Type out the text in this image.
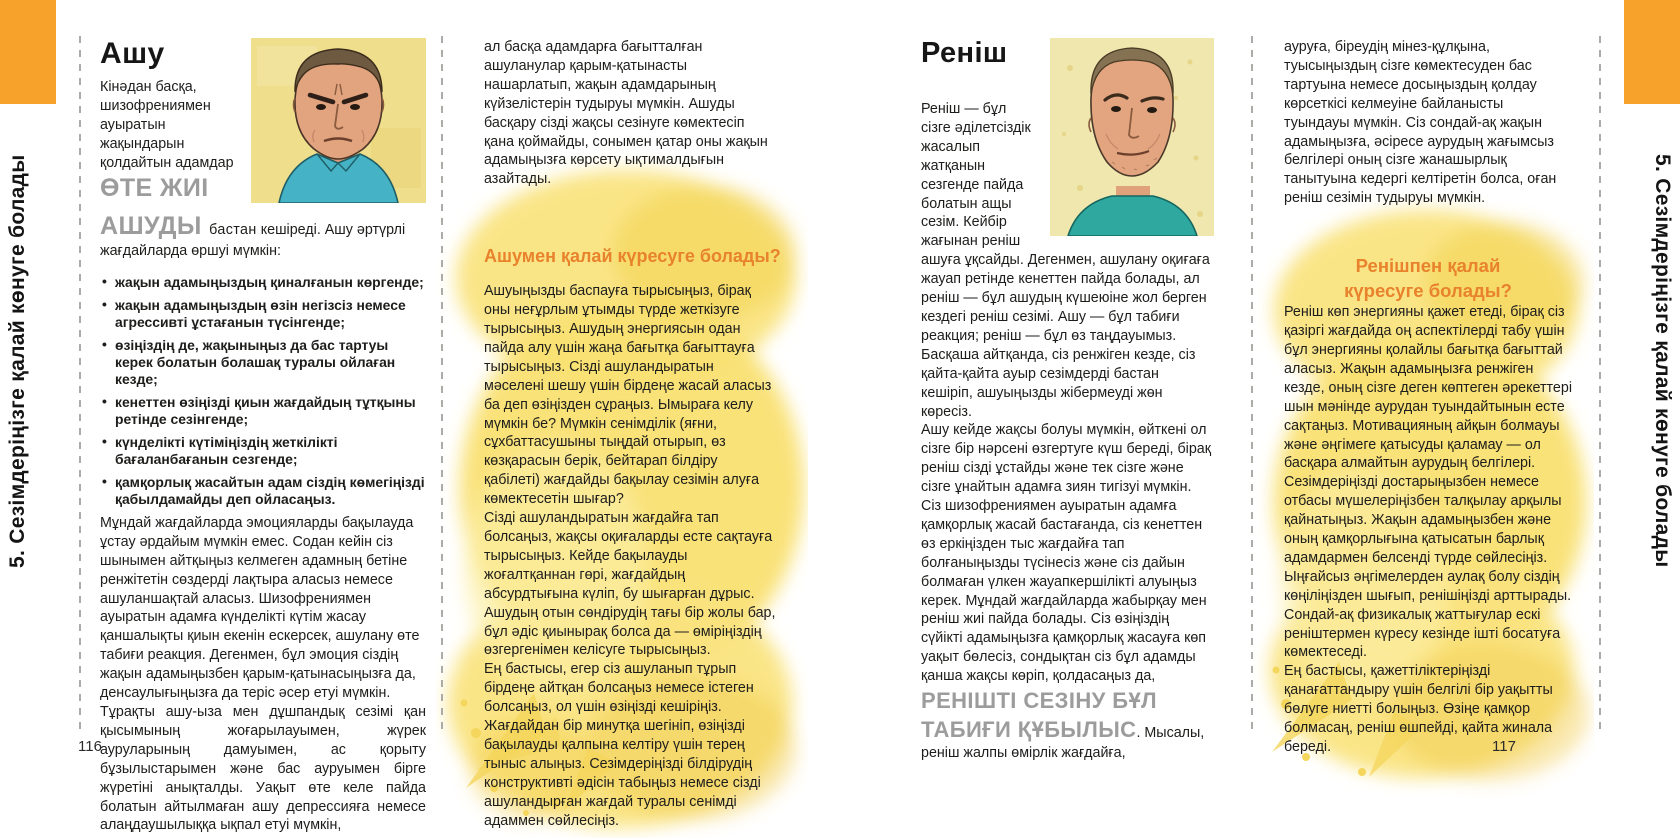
5. Сезімдеріңізге қалай көнуге болады	5. Сезімдеріңізге қалай көнуге болады
Ашу

Кінәдан басқа, шизофрениямен ауыратын жақындарын қолдайтын адамдар ӨТЕ ЖИІ АШУДЫ бастан кешіреді. Ашу әртүрлі жағдайларда өршуі мүмкін:

• жақын адамыңыздың қиналғанын көргенде;
• жақын адамыңыздың өзін негізсіз немесе агрессивті ұстағанын түсінгенде;
• өзіңіздің де, жақыныңыз да бас тартуы керек болатын болашақ туралы ойлаған кезде;
• кенеттен өзіңізді қиын жағдайдың тұтқыны ретінде сезінгенде;
• күнделікті күтіміңіздің жеткілікті бағаланбағанын сезгенде;
• қамқорлық жасайтын адам сіздің көмегіңізді қабылдамайды деп ойласаңыз.

Мұндай жағдайларда эмоцияларды бақылауда ұстау әрдайым мүмкін емес. Содан кейін сіз шынымен айтқыңыз келмеген адамның бетіне ренжітетін сөздерді лақтыра аласыз немесе ашуланшақтай аласыз. Шизофрениямен ауыратын адамға күнделікті күтім жасау қаншалықты қиын екенін ескерсек, ашулану өте табиғи реакция. Дегенмен, бұл эмоция сіздің жақын адамыңызбен қарым-қатынасыңызға да, денсаулығыңызға да теріс әсер етуі мүмкін.

Тұрақты ашу-ыза мен дұшпандық сезімі қан қысымының жоғарылауымен, жүрек ауруларының дамуымен, ас қорыту бұзылыстарымен және бас ауруымен бірге жүретіні анықталды. Уақыт өте келе пайда болатын айтылмаған ашу депрессияға немесе алаңдаушылыққа ықпал етуі мүмкін,

ал басқа адамдарға бағытталған ашуланулар қарым-қатынасты нашарлатып, жақын адамдарының күйзелістерін тудыруы мүмкін. Ашуды басқару сізді жақсы сезінуге көмектесіп қана қоймайды, сонымен қатар оны жақын адамыңызға көрсету ықтималдығын азайтады.

Ашумен қалай күресуге болады?

Ашуыңызды баспауға тырысыңыз, бірақ оны неғұрлым ұтымды түрде жеткізуге тырысыңыз. Ашудың энергиясын одан пайда алу үшін жаңа бағытқа бағыттауға тырысыңыз. Сізді ашуландыратын мәселені шешу үшін бірдеңе жасай аласыз ба деп өзіңізден сұраңыз. Ымыраға келу мүмкін бе? Мүмкін сенімділік (яғни, сұхбаттасушыны тыңдай отырып, өз көзқарасын берік, бейтарап білдіру қабілеті) жағдайды бақылау сезімін алуға көмектесетін шығар?

Сізді ашуландыратын жағдайға тап болсаңыз, жақсы оқиғаларды есте сақтауға тырысыңыз. Кейде бақылауды жоғалтқаннан гөрі, жағдайдың абсурдтығына күліп, бу шығарған дұрыс. Ашудың отын сөндірудің тағы бір жолы бар, бұл әдіс қиынырақ болса да — өміріңіздің өзгергенімен келісуге тырысыңыз.

Ең бастысы, егер сіз ашуланып тұрып бірдеңе айтқан болсаңыз немесе істеген болсаңыз, ол үшін өзіңізді кешіріңіз. Жағдайдан бір минутқа шегініп, өзіңізді бақылауды қалпына келтіру үшін терең тыныс алыңыз. Сезімдеріңізді білдірудің конструктивті әдісін табыңыз немесе сізді ашуландырған жағдай туралы сенімді адаммен сөйлесіңіз.

Реніш

Реніш — бұл сізге әділетсіздік жасалып жатқанын сезгенде пайда болатын ащы сезім. Кейбір жағынан реніш ашуға ұқсайды. Дегенмен, ашулану оқиғаға жауап ретінде кенеттен пайда болады, ал реніш — бұл ашудың күшеюіне жол берген кездегі реніш сезімі. Ашу — бұл табиғи реакция; реніш — бұл өз таңдауымыз. Басқаша айтқанда, сіз ренжіген кезде, сіз қайта-қайта ауыр сезімдерді бастан кешіріп, ашуыңызды жібермеуді жөн көресіз.

Ашу кейде жақсы болуы мүмкін, өйткені ол сізге бір нәрсені өзгертуге күш береді, бірақ реніш сізді ұстайды және тек сізге және сізге ұнайтын адамға зиян тигізуі мүмкін.

Сіз шизофрениямен ауыратын адамға қамқорлық жасай бастағанда, сіз кенеттен өз еркіңізден тыс жағдайға тап болғаныңызды түсінесіз және сіз дайын болмаған үлкен жауапкершілікті алуыңыз керек. Мұндай жағдайларда жабырқау мен реніш жиі пайда болады. Сіз өзіңіздің сүйікті адамыңызға қамқорлық жасауға көп уақыт бөлесіз, сондықтан сіз бұл адамды қанша жақсы көріп, қолдасаңыз да, РЕНІШТІ СЕЗІНУ БҰЛ ТАБИҒИ ҚҰБЫЛЫС. Мысалы, реніш жалпы өмірлік жағдайға,

ауруға, біреудің мінез-құлқына, туысыңыздың сізге көмектесуден бас тартуына немесе досыңыздың қолдау көрсеткісі келмеуіне байланысты туындауы мүмкін. Сіз сондай-ақ жақын адамыңызға, әсіресе аурудың жағымсыз белгілері оның сізге жанашырлық танытуына кедергі келтіретін болса, оған реніш сезімін тудыруы мүмкін.

Ренішпен қалай күресуге болады?

Реніш көп энергияны қажет етеді, бірақ сіз қазіргі жағдайда оң аспектілерді табу үшін бұл энергияны қолайлы бағытқа бағыттай аласыз. Жақын адамыңызға ренжіген кезде, оның сізге деген көптеген әрекеттері шын мәнінде аурудан туындайтынын есте сақтаңыз. Мотивацияның айқын болмауы және әңгімеге қатысуды қаламау — ол басқара алмайтын аурудың белгілері.

Сезімдеріңізді достарыңызбен немесе отбасы мүшелеріңізбен талқылау арқылы қайнатыңыз. Жақын адамыңызбен және оның қамқорлығына қатысатын барлық адамдармен белсенді түрде сөйлесіңіз. Ыңғайсыз әңгімелерден аулақ болу сіздің көңіліңізден шығып, ренішіңізді арттырады. Сондай-ақ физикалық жаттығулар ескі реніштермен күресу кезінде ішті босатуға көмектеседі.

Ең бастысы, қажеттіліктеріңізді қанағаттандыру үшін белгілі бір уақытты бөлуге ниетті болыңыз. Өзіңе қамқор болмасаң, реніш өшпейді, қайта жинала береді.

116	117
